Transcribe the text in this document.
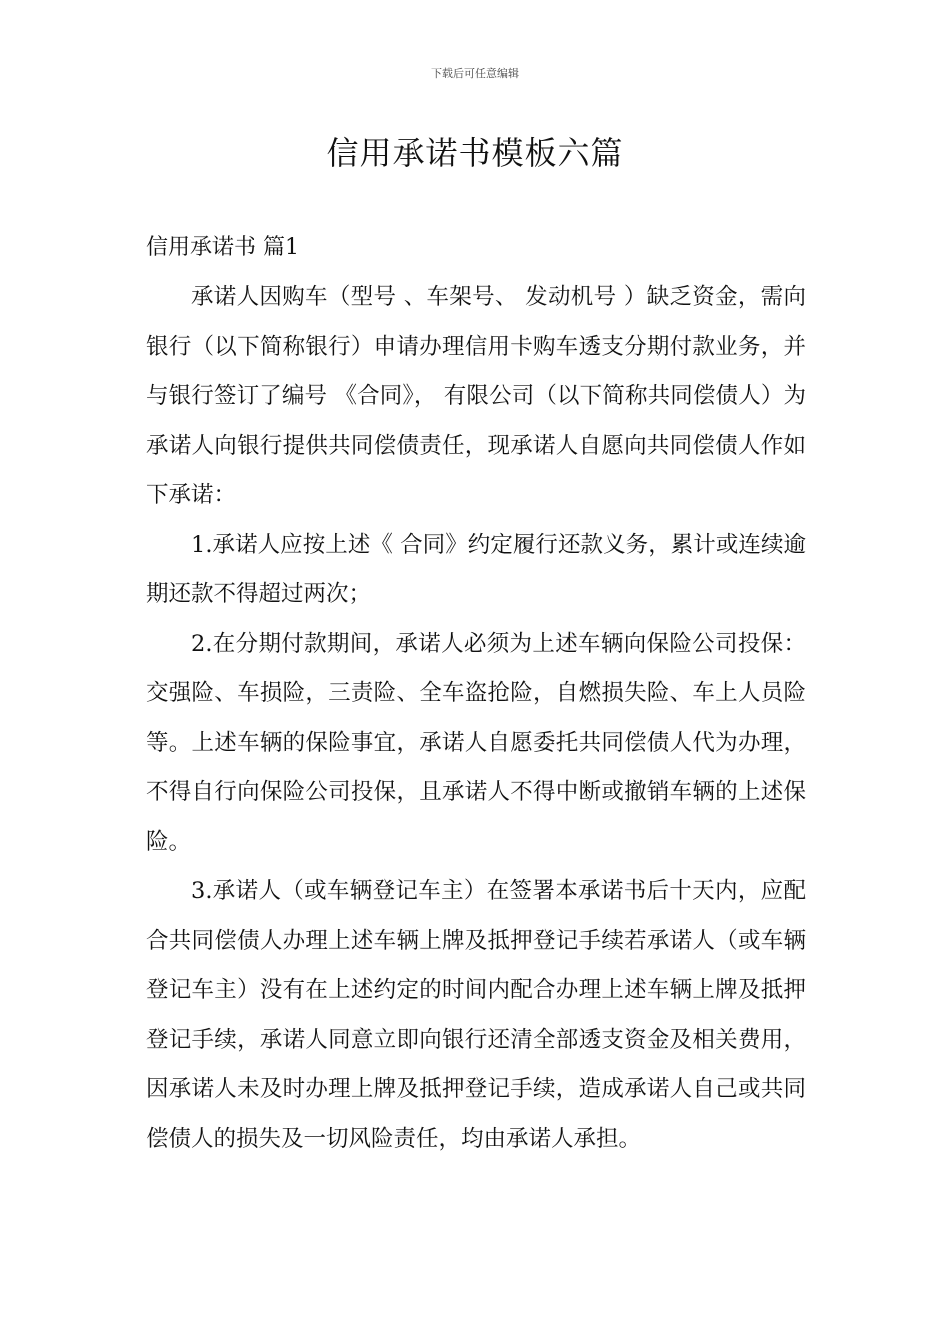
下载后可任意编辑
信用承诺书模板六篇
信用承诺书 篇1

承诺人因购车（型号 、车架号、 发动机号 ）缺乏资金，需向 银行（以下简称银行）申请办理信用卡购车透支分期付款业务，并与银行签订了编号 《合同》， 有限公司（以下简称共同偿债人）为承诺人向银行提供共同偿债责任，现承诺人自愿向共同偿债人作如下承诺：

1.承诺人应按上述《 合同》约定履行还款义务，累计或连续逾期还款不得超过两次；

2.在分期付款期间，承诺人必须为上述车辆向保险公司投保：交强险、车损险，三责险、全车盗抢险，自燃损失险、车上人员险等。上述车辆的保险事宜，承诺人自愿委托共同偿债人代为办理，不得自行向保险公司投保，且承诺人不得中断或撤销车辆的上述保险。

3.承诺人（或车辆登记车主）在签署本承诺书后十天内，应配合共同偿债人办理上述车辆上牌及抵押登记手续若承诺人（或车辆登记车主）没有在上述约定的时间内配合办理上述车辆上牌及抵押登记手续，承诺人同意立即向银行还清全部透支资金及相关费用，因承诺人未及时办理上牌及抵押登记手续，造成承诺人自己或共同偿债人的损失及一切风险责任，均由承诺人承担。
